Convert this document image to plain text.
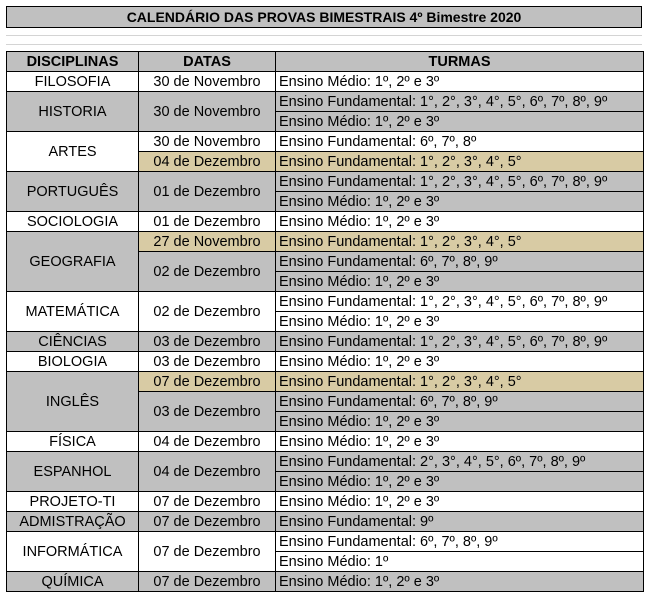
CALENDÁRIO DAS PROVAS BIMESTRAIS 4º Bimestre 2020
DISCIPLINAS	DATAS	TURMAS
FILOSOFIA	30 de Novembro	Ensino Médio: 1º, 2º e 3º
HISTORIA	30 de Novembro	Ensino Fundamental: 1°, 2°, 3°, 4°, 5°, 6º, 7º, 8º, 9º
		Ensino Médio: 1º, 2º e 3º
ARTES	30 de Novembro	Ensino Fundamental: 6º, 7º, 8º
	04 de Dezembro	Ensino Fundamental: 1°, 2°, 3°, 4°, 5°
PORTUGUÊS	01 de Dezembro	Ensino Fundamental: 1°, 2°, 3°, 4°, 5°, 6º, 7º, 8º, 9º
		Ensino Médio: 1º, 2º e 3º
SOCIOLOGIA	01 de Dezembro	Ensino Médio: 1º, 2º e 3º
GEOGRAFIA	27 de Novembro	Ensino Fundamental: 1°, 2°, 3°, 4°, 5°
	02 de Dezembro	Ensino Fundamental: 6º, 7º, 8º, 9º
		Ensino Médio: 1º, 2º e 3º
MATEMÁTICA	02 de Dezembro	Ensino Fundamental: 1°, 2°, 3°, 4°, 5°, 6º, 7º, 8º, 9º
		Ensino Médio: 1º, 2º e 3º
CIÊNCIAS	03 de Dezembro	Ensino Fundamental: 1°, 2°, 3°, 4°, 5°, 6º, 7º, 8º, 9º
BIOLOGIA	03 de Dezembro	Ensino Médio: 1º, 2º e 3º
INGLÊS	07 de Dezembro	Ensino Fundamental: 1°, 2°, 3°, 4°, 5°
	03 de Dezembro	Ensino Fundamental: 6º, 7º, 8º, 9º
		Ensino Médio: 1º, 2º e 3º
FÍSICA	04 de Dezembro	Ensino Médio: 1º, 2º e 3º
ESPANHOL	04 de Dezembro	Ensino Fundamental: 2°, 3°, 4°, 5°, 6º, 7º, 8º, 9º
		Ensino Médio: 1º, 2º e 3º
PROJETO-TI	07 de Dezembro	Ensino Médio: 1º, 2º e 3º
ADMISTRAÇÃO	07 de Dezembro	Ensino Fundamental: 9º
INFORMÁTICA	07 de Dezembro	Ensino Fundamental: 6º, 7º, 8º, 9º
		Ensino Médio: 1º
QUÍMICA	07 de Dezembro	Ensino Médio: 1º, 2º e 3º
